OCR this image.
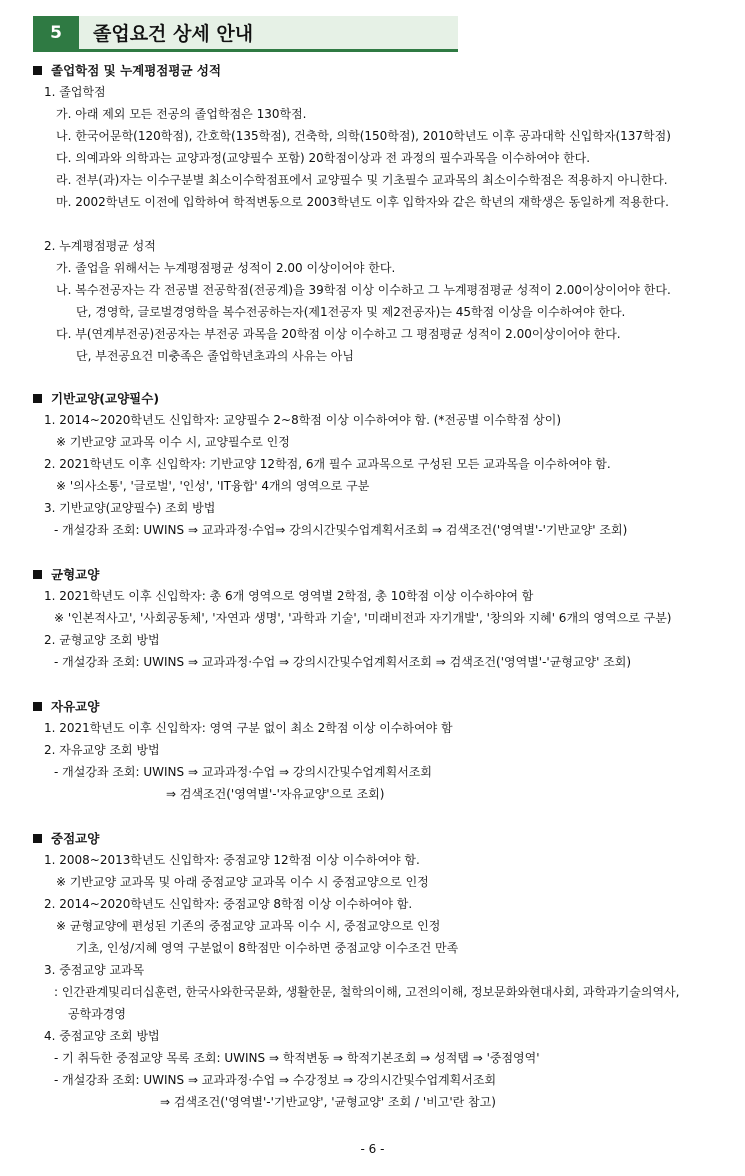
5	졸업요건 상세 안내
졸업학점 및 누계평점평균 성적
1. 졸업학점
가. 아래 제외 모든 전공의 졸업학점은 130학점.
나. 한국어문학(120학점), 간호학(135학점), 건축학, 의학(150학점), 2010학년도 이후 공과대학 신입학자(137학점)
다. 의예과와 의학과는 교양과정(교양필수 포함) 20학점이상과 전 과정의 필수과목을 이수하여야 한다.
라. 전부(과)자는 이수구분별 최소이수학점표에서 교양필수 및 기초필수 교과목의 최소이수학점은 적용하지 아니한다.
마. 2002학년도 이전에 입학하여 학적변동으로 2003학년도 이후 입학자와 같은 학년의 재학생은 동일하게 적용한다.
2. 누계평점평균 성적
가. 졸업을 위해서는 누계평점평균 성적이 2.00 이상이어야 한다.
나. 복수전공자는 각 전공별 전공학점(전공계)을 39학점 이상 이수하고 그 누계평점평균 성적이 2.00이상이어야 한다.
단, 경영학, 글로벌경영학을 복수전공하는자(제1전공자 및 제2전공자)는 45학점 이상을 이수하여야 한다.
다. 부(연계부전공)전공자는 부전공 과목을 20학점 이상 이수하고 그 평점평균 성적이 2.00이상이어야 한다.
단, 부전공요건 미충족은 졸업학년초과의 사유는 아님
기반교양(교양필수)
1. 2014~2020학년도 신입학자: 교양필수 2~8학점 이상 이수하여야 함. (*전공별 이수학점 상이)
※ 기반교양 교과목 이수 시, 교양필수로 인정
2. 2021학년도 이후 신입학자: 기반교양 12학점, 6개 필수 교과목으로 구성된 모든 교과목을 이수하여야 함.
※ '의사소통', '글로벌', '인성', 'IT융합' 4개의 영역으로 구분
3. 기반교양(교양필수) 조회 방법
- 개설강좌 조회: UWINS ⇒ 교과과정·수업⇒ 강의시간및수업계획서조회 ⇒ 검색조건('영역별'-'기반교양' 조회)
균형교양
1. 2021학년도 이후 신입학자: 총 6개 영역으로 영역별 2학점, 총 10학점 이상 이수하야여 함
※ '인본적사고', '사회공동체', '자연과 생명', '과학과 기술', '미래비전과 자기개발', '창의와 지혜' 6개의 영역으로 구분)
2. 균형교양 조회 방법
- 개설강좌 조회: UWINS ⇒ 교과과정·수업 ⇒ 강의시간및수업계획서조회 ⇒ 검색조건('영역별'-'균형교양' 조회)
자유교양
1. 2021학년도 이후 신입학자: 영역 구분 없이 최소 2학점 이상 이수하여야 함
2. 자유교양 조회 방법
- 개설강좌 조회: UWINS ⇒ 교과과정·수업 ⇒ 강의시간및수업계획서조회
⇒ 검색조건('영역별'-'자유교양'으로 조회)
중점교양
1. 2008~2013학년도 신입학자: 중점교양 12학점 이상 이수하여야 함.
※ 기반교양 교과목 및 아래 중점교양 교과목 이수 시 중점교양으로 인정
2. 2014~2020학년도 신입학자: 중점교양 8학점 이상 이수하여야 함.
※ 균형교양에 편성된 기존의 중점교양 교과목 이수 시, 중점교양으로 인정
기초, 인성/지혜 영역 구분없이 8학점만 이수하면 중점교양 이수조건 만족
3. 중점교양 교과목
: 인간관계및리더십훈련, 한국사와한국문화, 생활한문, 철학의이해, 고전의이해, 정보문화와현대사회, 과학과기술의역사,
공학과경영
4. 중점교양 조회 방법
- 기 취득한 중점교양 목록 조회: UWINS ⇒ 학적변동 ⇒ 학적기본조회 ⇒ 성적탭 ⇒ '중점영역'
- 개설강좌 조회: UWINS ⇒ 교과과정·수업 ⇒ 수강정보 ⇒ 강의시간및수업계획서조회
⇒ 검색조건('영역별'-'기반교양', '균형교양' 조회 / '비고'란 참고)
- 6 -
